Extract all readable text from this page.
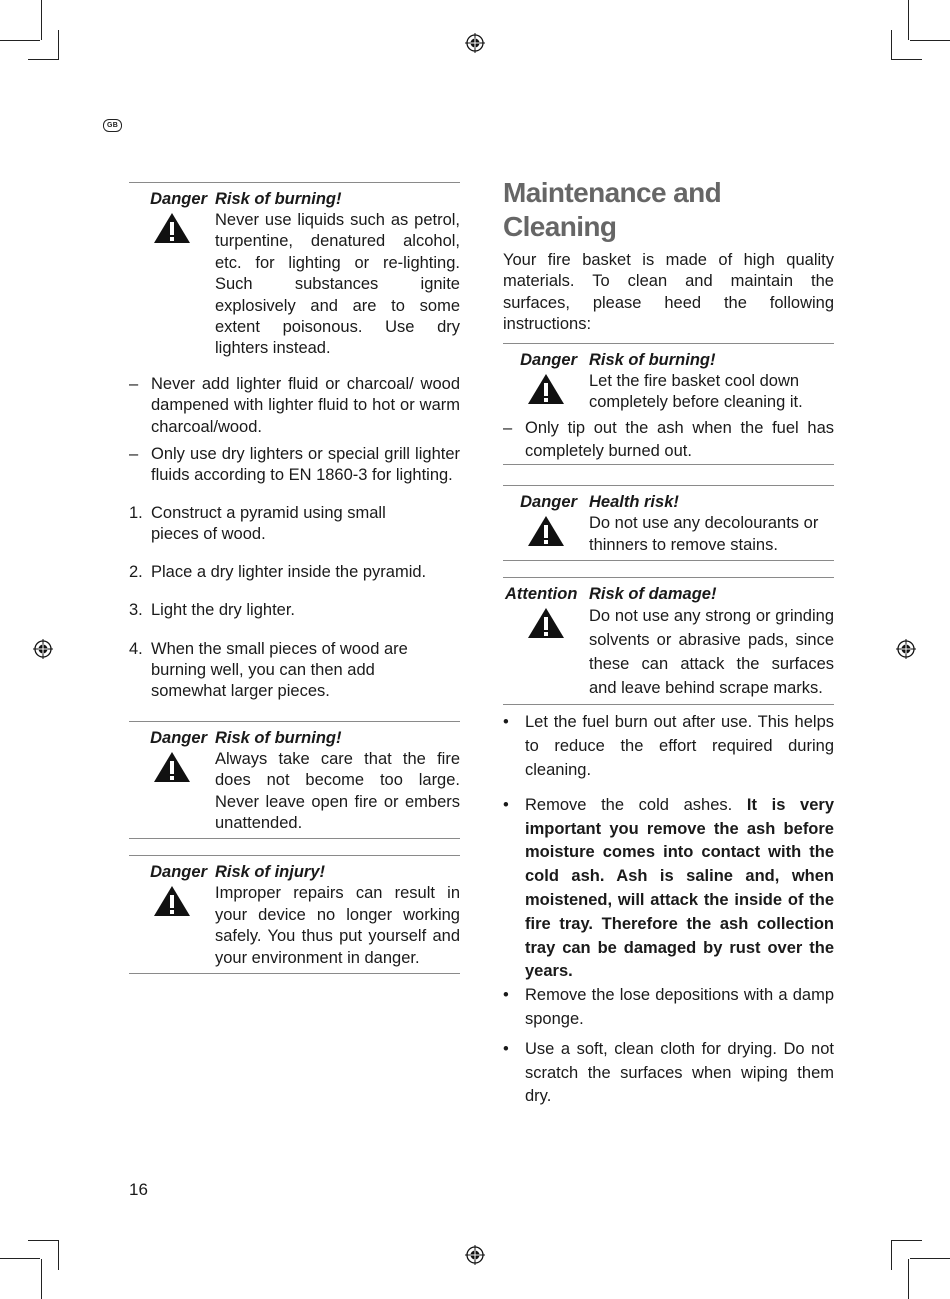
GB
Danger Risk of burning!
Never use liquids such as petrol, turpentine, denatured alcohol, etc. for lighting or re-lighting. Such substances ignite explosively and are to some extent poisonous. Use dry lighters instead.
– Never add lighter fluid or charcoal/ wood dampened with lighter fluid to hot or warm charcoal/wood.
– Only use dry lighters or special grill lighter fluids according to EN 1860-3 for lighting.
1. Construct a pyramid using small pieces of wood.
2. Place a dry lighter inside the pyramid.
3. Light the dry lighter.
4. When the small pieces of wood are burning well, you can then add somewhat larger pieces.
Danger Risk of burning!
Always take care that the fire does not become too large. Never leave open fire or embers unattended.
Danger Risk of injury!
Improper repairs can result in your device no longer working safely. You thus put yourself and your environment in danger.
Maintenance and Cleaning
Your fire basket is made of high quality materials. To clean and maintain the surfaces, please heed the following instructions:
Danger Risk of burning!
Let the fire basket cool down completely before cleaning it.
– Only tip out the ash when the fuel has completely burned out.
Danger Health risk!
Do not use any decolourants or thinners to remove stains.
Attention Risk of damage!
Do not use any strong or grinding solvents or abrasive pads, since these can attack the surfaces and leave behind scrape marks.
• Let the fuel burn out after use. This helps to reduce the effort required during cleaning.
• Remove the cold ashes. It is very important you remove the ash before moisture comes into contact with the cold ash. Ash is saline and, when moistened, will attack the inside of the fire tray. Therefore the ash collection tray can be damaged by rust over the years.
• Remove the lose depositions with a damp sponge.
• Use a soft, clean cloth for drying. Do not scratch the surfaces when wiping them dry.
16
